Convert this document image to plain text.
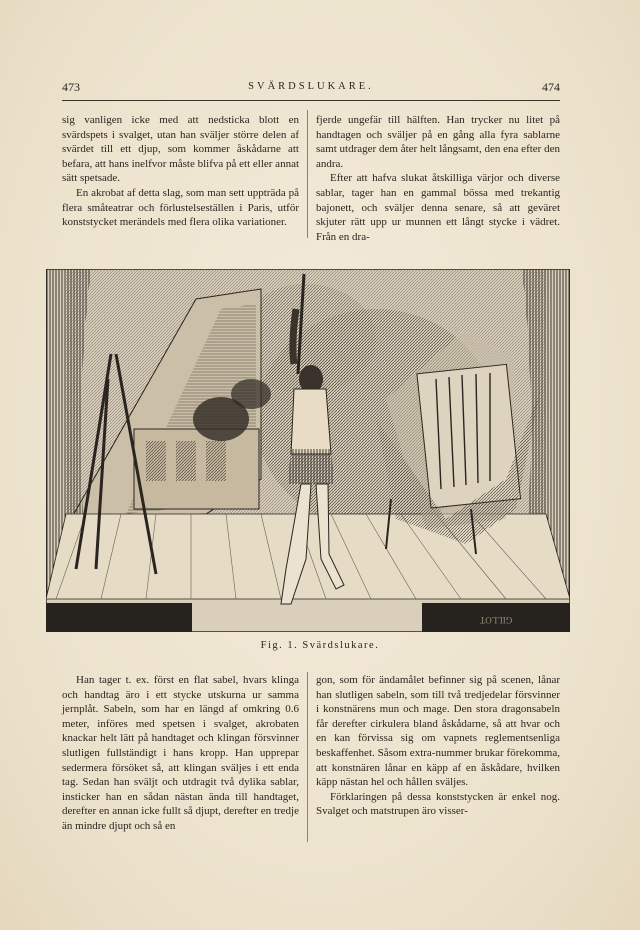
473	SVÄRDSLUKARE.	474

sig vanligen icke med att nedsticka blott en svärdspets i svalget, utan han sväljer större delen af svärdet till ett djup, som kommer åskådarne att befara, att hans inelfvor måste blifva på ett eller annat sätt spetsade.

En akrobat af detta slag, som man sett uppträda på flera småteatrar och förlustelseställen i Paris, utför konststycket merändels med flera olika variationer.

fjerde ungefär till hälften. Han trycker nu litet på handtagen och sväljer på en gång alla fyra sablarne samt utdrager dem åter helt långsamt, den ena efter den andra.

Efter att hafva slukat åtskilliga värjor och diverse sablar, tager han en gammal bössa med trekantig bajonett, och sväljer denna senare, så att geväret skjuter rätt upp ur munnen ett långt stycke i vädret. Från en dra-

GILLOT
Fig. 1. Svärdslukare.

Han tager t. ex. först en flat sabel, hvars klinga och handtag äro i ett stycke utskurna ur samma jernplåt. Sabeln, som har en längd af omkring 0.6 meter, införes med spetsen i svalget, akrobaten knackar helt lätt på handtaget och klingan försvinner slutligen fullständigt i hans kropp. Han upprepar sedermera försöket så, att klingan sväljes i ett enda tag. Sedan han sväljt och utdragit två dylika sablar, insticker han en sådan nästan ända till handtaget, derefter en annan icke fullt så djupt, derefter en tredje än mindre djupt och så en

gon, som för ändamålet befinner sig på scenen, lånar han slutligen sabeln, som till två tredjedelar försvinner i konstnärens mun och mage. Den stora dragonsabeln får derefter cirkulera bland åskådarne, så att hvar och en kan förvissa sig om vapnets reglementsenliga beskaffenhet. Såsom extra-nummer brukar förekomma, att konstnären lånar en käpp af en åskådare, hvilken käpp nästan hel och hållen sväljes.

Förklaringen på dessa konststycken är enkel nog. Svalget och matstrupen äro visser-
